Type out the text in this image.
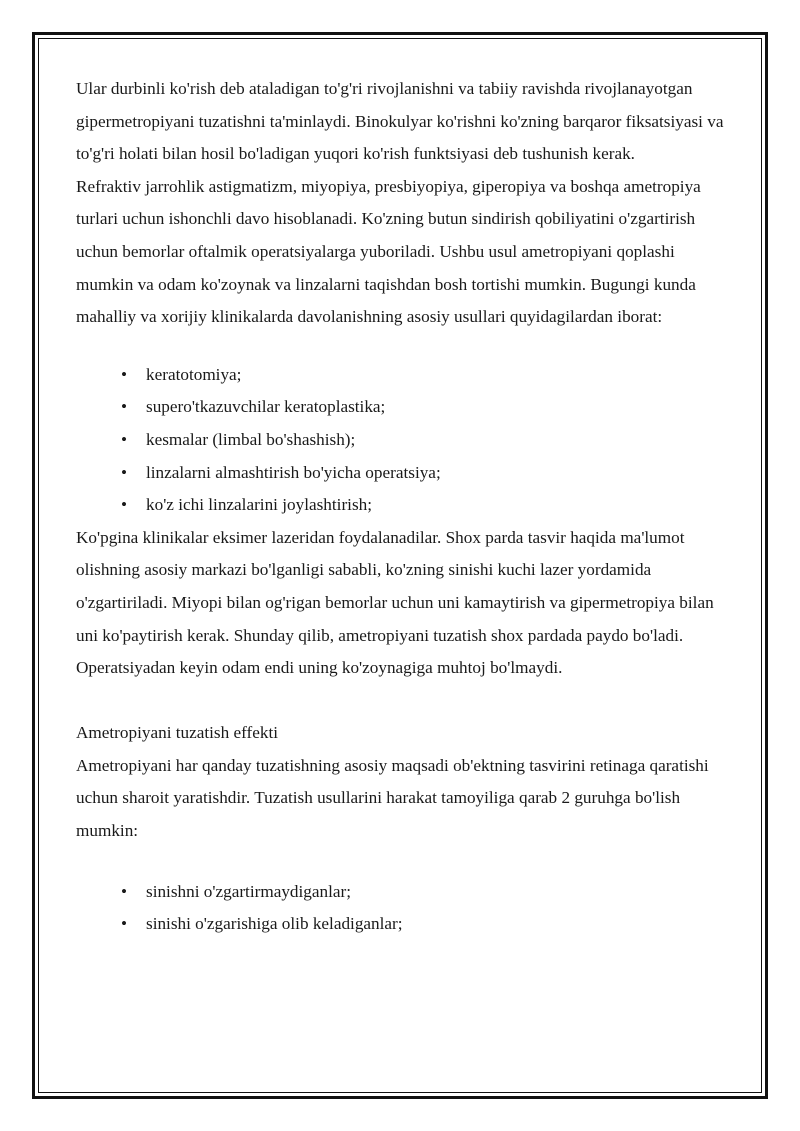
Ular durbinli ko'rish deb ataladigan to'g'ri rivojlanishni va tabiiy ravishda rivojlanayotgan gipermetropiyani tuzatishni ta'minlaydi. Binokulyar ko'rishni ko'zning barqaror fiksatsiyasi va to'g'ri holati bilan hosil bo'ladigan yuqori ko'rish funktsiyasi deb tushunish kerak.

Refraktiv jarrohlik astigmatizm, miyopiya, presbiyopiya, giperopiya va boshqa ametropiya turlari uchun ishonchli davo hisoblanadi. Ko'zning butun sindirish qobiliyatini o'zgartirish uchun bemorlar oftalmik operatsiyalarga yuboriladi. Ushbu usul ametropiyani qoplashi mumkin va odam ko'zoynak va linzalarni taqishdan bosh tortishi mumkin. Bugungi kunda mahalliy va xorijiy klinikalarda davolanishning asosiy usullari quyidagilardan iborat:

• keratotomiya;
• supero'tkazuvchilar keratoplastika;
• kesmalar (limbal bo'shashish);
• linzalarni almashtirish bo'yicha operatsiya;
• ko'z ichi linzalarini joylashtirish;

Ko'pgina klinikalar eksimer lazeridan foydalanadilar. Shox parda tasvir haqida ma'lumot olishning asosiy markazi bo'lganligi sababli, ko'zning sinishi kuchi lazer yordamida o'zgartiriladi. Miyopi bilan og'rigan bemorlar uchun uni kamaytirish va gipermetropiya bilan uni ko'paytirish kerak. Shunday qilib, ametropiyani tuzatish shox pardada paydo bo'ladi. Operatsiyadan keyin odam endi uning ko'zoynagiga muhtoj bo'lmaydi.

Ametropiyani tuzatish effekti

Ametropiyani har qanday tuzatishning asosiy maqsadi ob'ektning tasvirini retinaga qaratishi uchun sharoit yaratishdir. Tuzatish usullarini harakat tamoyiliga qarab 2 guruhga bo'lish mumkin:

• sinishni o'zgartirmaydiganlar;
• sinishi o'zgarishiga olib keladiganlar;
